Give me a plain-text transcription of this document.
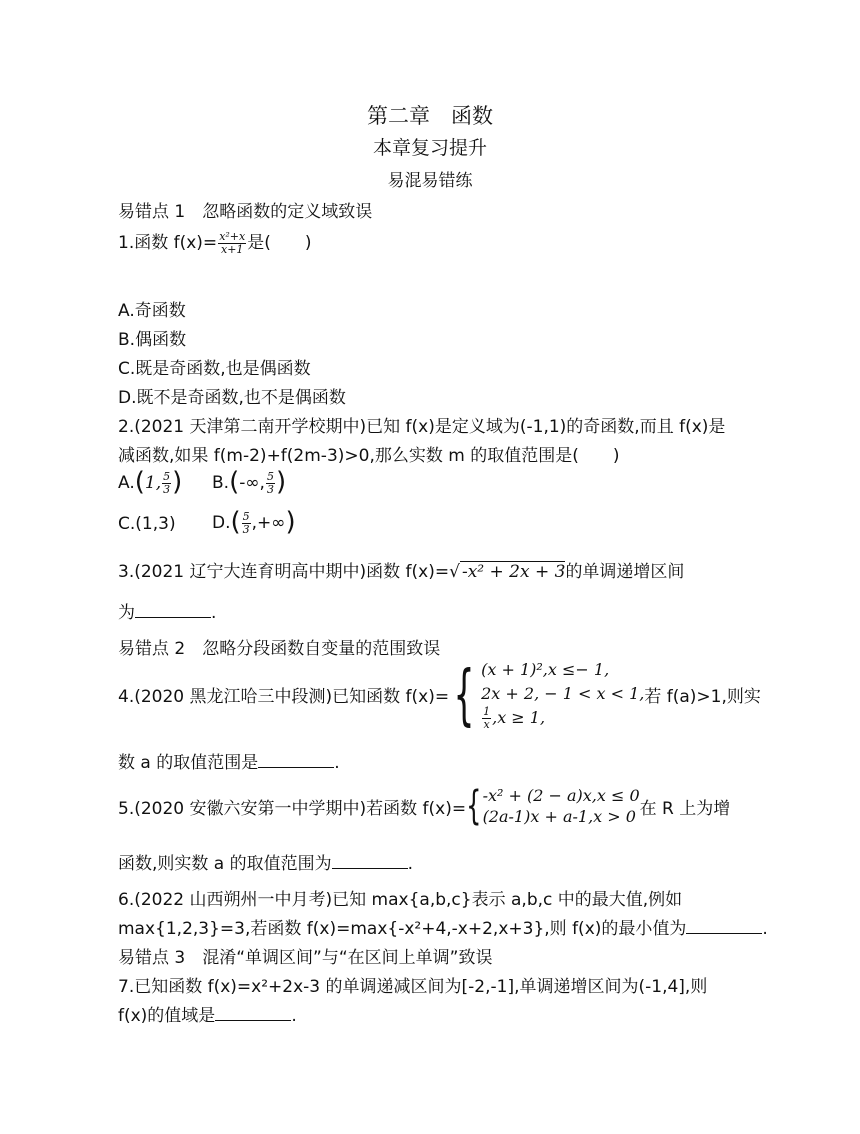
第二章　函数
本章复习提升
易混易错练
易错点 1　忽略函数的定义域致误
1.函数 $f(x)= \frac{\text{x²+x}}{x+1}$ 是(　　)
A.奇函数
B.偶函数
C.既是奇函数,也是偶函数
D.既不是奇函数,也不是偶函数
2.(2021 天津第二南开学校期中)已知 f(x)是定义域为(-1,1)的奇函数,而且 f(x)是
减函数,如果 f(m-2)+f(2m-3)>0,那么实数 m 的取值范围是(　　)
A.(1, $\frac{5}{3}$ ) B.(-∞, $\frac{5}{3}$ )
C.(1,3) $D.( \frac{5}{3}$ ,+∞)
3.(2021 辽宁大连育明高中期中)函数 f(x)=√ -x² + 2x + 3的单调递增区间
为	.
易错点 2　忽略分段函数自变量的范围致误
4.(2020 黑龙江哈三中段测)已知函数 f(x)= { (x + 1)²,x ≤− 1,
2x + 2, − 1 < x < 1,
$\frac{1}{x} ,x \ge 1$,
若 f(a)>1,则实
数 a 的取值范围是	.
5.(2020 安徽六安第一中学期中)若函数 f(x)= { -x² + (2 − a)x,x ≤ 0
(2a-1)x + a-1,x > 0 在 R 上为增
函数,则实数 a 的取值范围为	.
6.(2022 山西朔州一中月考)已知 max{a,b,c}表示 a,b,c 中的最大值,例如
max{1,2,3}=3,若函数 f(x)=max{-x²+4,-x+2,x+3},则 f(x)的最小值为	.
易错点 3　混淆“单调区间”与“在区间上单调”致误
7.已知函数 f(x)=x²+2x-3 的单调递减区间为[-2,-1],单调递增区间为(-1,4],则
f(x)的值域是	.
